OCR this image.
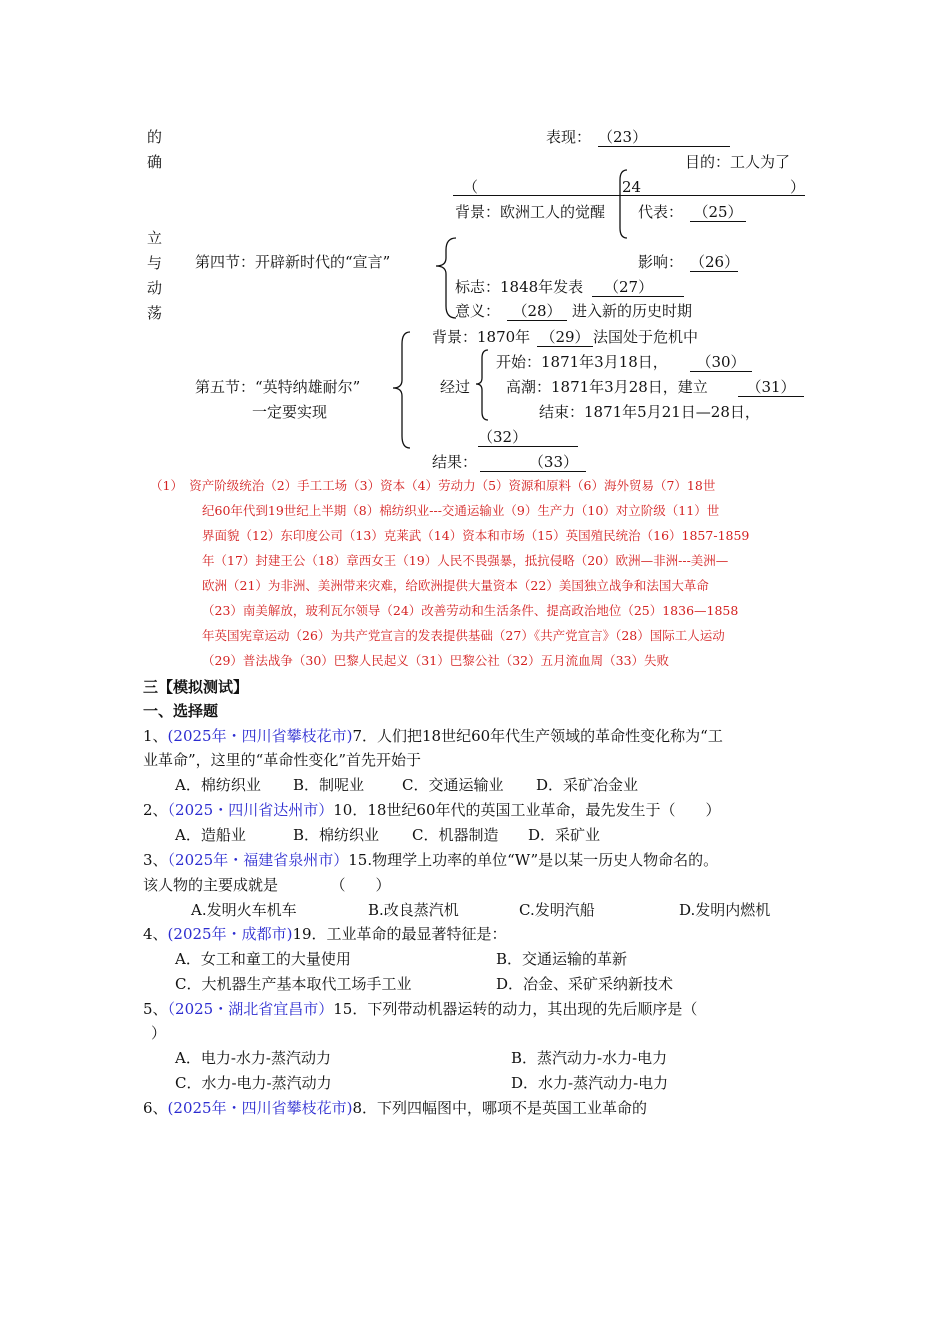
的
确
立
与
动
荡
表现： （23）
目的：工人为了
（	24	）
背景：欧洲工人的觉醒 代表： （25）
第四节：开辟新时代的“宣言”	影响： （26）
标志：1848年发表	（27）
意义： （28） 进入新的历史时期
背景：1870年 （29） 法国处于危机中
开始：1871年3月18日，	（30）
第五节：“英特纳雄耐尔”
一定要实现
经过 高潮：1871年3月28日，建立	（31）
结束：1871年5月21日—28日，
（32）
结果：	（33）
（1）　资产阶级统治（2）手工工场（3）资本（4）劳动力（5）资源和原料（6）海外贸易（7）18世
纪60年代到19世纪上半期（8）棉纺织业---交通运输业（9）生产力（10）对立阶级（11）世
界面貌（12）东印度公司（13）克莱武（14）资本和市场（15）英国殖民统治（16）1857-1859
年（17）封建王公（18）章西女王（19）人民不畏强暴，抵抗侵略（20）欧洲—非洲---美洲—
欧洲（21）为非洲、美洲带来灾难，给欧洲提供大量资本（22）美国独立战争和法国大革命
（23）南美解放，玻利瓦尔领导（24）改善劳动和生活条件、提高政治地位（25）1836—1858
年英国宪章运动（26）为共产党宣言的发表提供基础（27）《共产党宣言》（28）国际工人运动
（29）普法战争（30）巴黎人民起义（31）巴黎公社（32）五月流血周（33）失败
三【模拟测试】
一、选择题
1、(2025年・四川省攀枝花市)7．人们把18世纪60年代生产领域的革命性变化称为“工
业革命”，这里的“革命性变化”首先开始于
A．棉纺织业 B．制呢业	C．交通运输业 D．采矿冶金业
2、（2025・四川省达州市）10．18世纪60年代的英国工业革命，最先发生于（　　）
A．造船业	B．棉纺织业 C．机器制造 D．采矿业
3、（2025年・福建省泉州市）15.物理学上功率的单位“W”是以某一历史人物命名的。
该人物的主要成就是　　　　（　　）
A.发明火车机车	B.改良蒸汽机	C.发明汽船	D.发明内燃机
4、(2025年・成都市)19．工业革命的最显著特征是：
A．女工和童工的大量使用	B．交通运输的革新
C．大机器生产基本取代工场手工业	D．冶金、采矿采纳新技术
5、（2025・湖北省宜昌市）15．下列带动机器运转的动力，其出现的先后顺序是（
）
A．电力-水力-蒸汽动力	B．蒸汽动力-水力-电力
C．水力-电力-蒸汽动力	D．水力-蒸汽动力-电力
6、(2025年・四川省攀枝花市)8．下列四幅图中，哪项不是英国工业革命的
